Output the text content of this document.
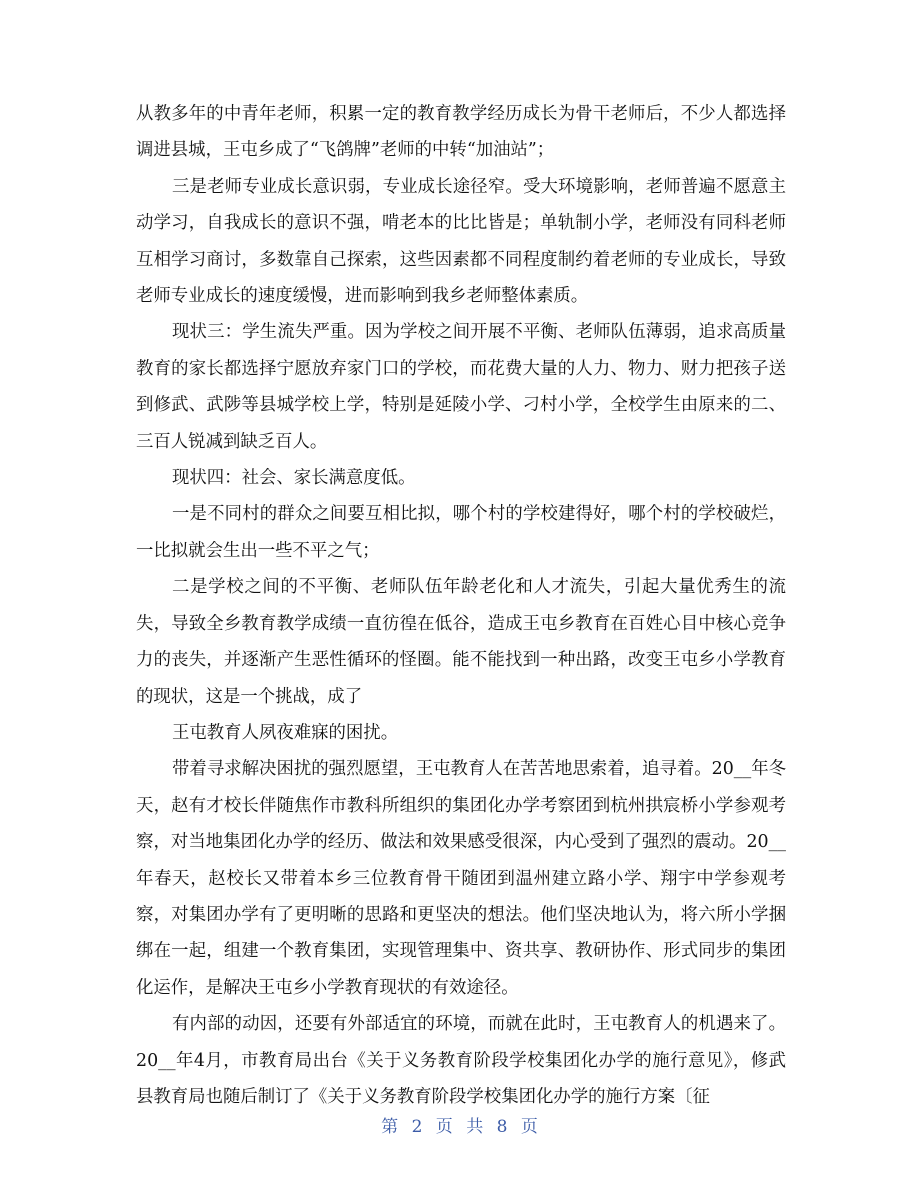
从教多年的中青年老师，积累一定的教育教学经历成长为骨干老师后，不少人都选择调进县城，王屯乡成了“飞鸽牌”老师的中转“加油站”；

三是老师专业成长意识弱，专业成长途径窄。受大环境影响，老师普遍不愿意主动学习，自我成长的意识不强，啃老本的比比皆是；单轨制小学，老师没有同科老师互相学习商讨，多数靠自己探索，这些因素都不同程度制约着老师的专业成长，导致老师专业成长的速度缓慢，进而影响到我乡老师整体素质。

现状三：学生流失严重。因为学校之间开展不平衡、老师队伍薄弱，追求高质量教育的家长都选择宁愿放弃家门口的学校，而花费大量的人力、物力、财力把孩子送到修武、武陟等县城学校上学，特别是延陵小学、刁村小学，全校学生由原来的二、三百人锐减到缺乏百人。

现状四：社会、家长满意度低。

一是不同村的群众之间要互相比拟，哪个村的学校建得好，哪个村的学校破烂，一比拟就会生出一些不平之气；

二是学校之间的不平衡、老师队伍年龄老化和人才流失，引起大量优秀生的流失，导致全乡教育教学成绩一直彷徨在低谷，造成王屯乡教育在百姓心目中核心竞争力的丧失，并逐渐产生恶性循环的怪圈。能不能找到一种出路，改变王屯乡小学教育的现状，这是一个挑战，成了

王屯教育人夙夜难寐的困扰。

带着寻求解决困扰的强烈愿望，王屯教育人在苦苦地思索着，追寻着。20__年冬天，赵有才校长伴随焦作市教科所组织的集团化办学考察团到杭州拱宸桥小学参观考察，对当地集团化办学的经历、做法和效果感受很深，内心受到了强烈的震动。20__年春天，赵校长又带着本乡三位教育骨干随团到温州建立路小学、翔宇中学参观考察，对集团办学有了更明晰的思路和更坚决的想法。他们坚决地认为，将六所小学捆绑在一起，组建一个教育集团，实现管理集中、资共享、教研协作、形式同步的集团化运作，是解决王屯乡小学教育现状的有效途径。

有内部的动因，还要有外部适宜的环境，而就在此时，王屯教育人的机遇来了。20__年4月，市教育局出台《关于义务教育阶段学校集团化办学的施行意见》，修武县教育局也随后制订了《关于义务教育阶段学校集团化办学的施行方案〔征

第 2 页 共 8 页
